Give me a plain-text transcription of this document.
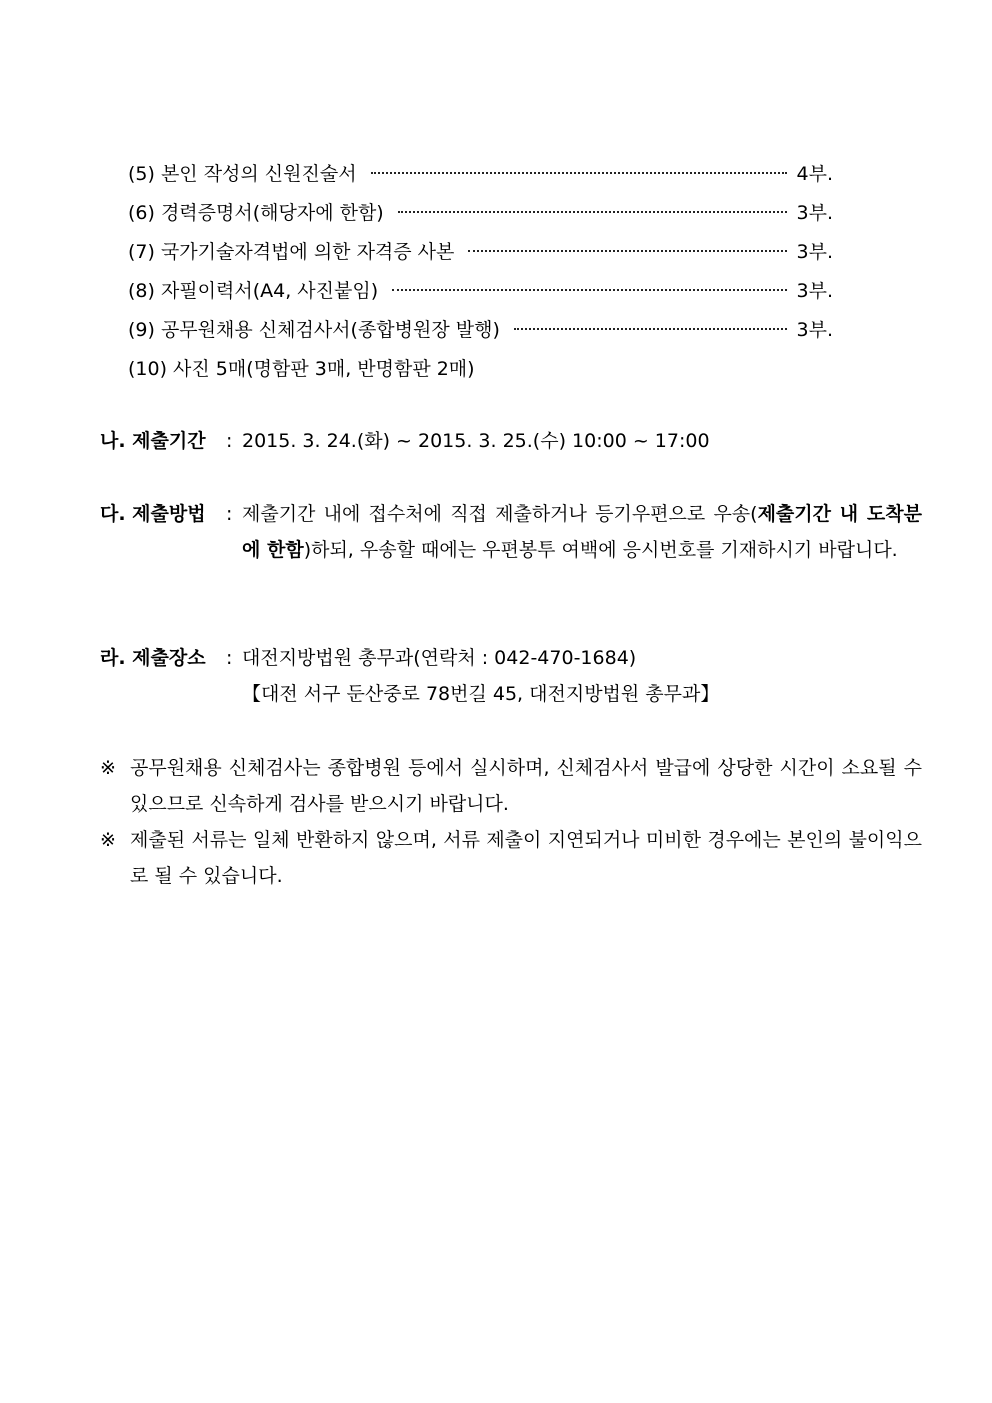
(5) 본인 작성의 신원진술서	4부.
(6) 경력증명서(해당자에 한함)	3부.
(7) 국가기술자격법에 의한 자격증 사본	3부.
(8) 자필이력서(A4, 사진붙임)	3부.
(9) 공무원채용 신체검사서(종합병원장 발행)	3부.
(10) 사진 5매(명함판 3매, 반명함판 2매)
나. 제출기간	: 2015. 3. 24.(화) ~ 2015. 3. 25.(수) 10:00 ~ 17:00
다. 제출방법	: 제출기간 내에 접수처에 직접 제출하거나 등기우편으로 우송(제출기간 내 도착분에 한함)하되, 우송할 때에는 우편봉투 여백에 응시번호를 기재하시기 바랍니다.
라. 제출장소	: 대전지방법원 총무과(연락처 : 042-470-1684)
【대전 서구 둔산중로 78번길 45, 대전지방법원 총무과】
※ 공무원채용 신체검사는 종합병원 등에서 실시하며, 신체검사서 발급에 상당한 시간이 소요될 수 있으므로 신속하게 검사를 받으시기 바랍니다.
※ 제출된 서류는 일체 반환하지 않으며, 서류 제출이 지연되거나 미비한 경우에는 본인의 불이익으로 될 수 있습니다.
